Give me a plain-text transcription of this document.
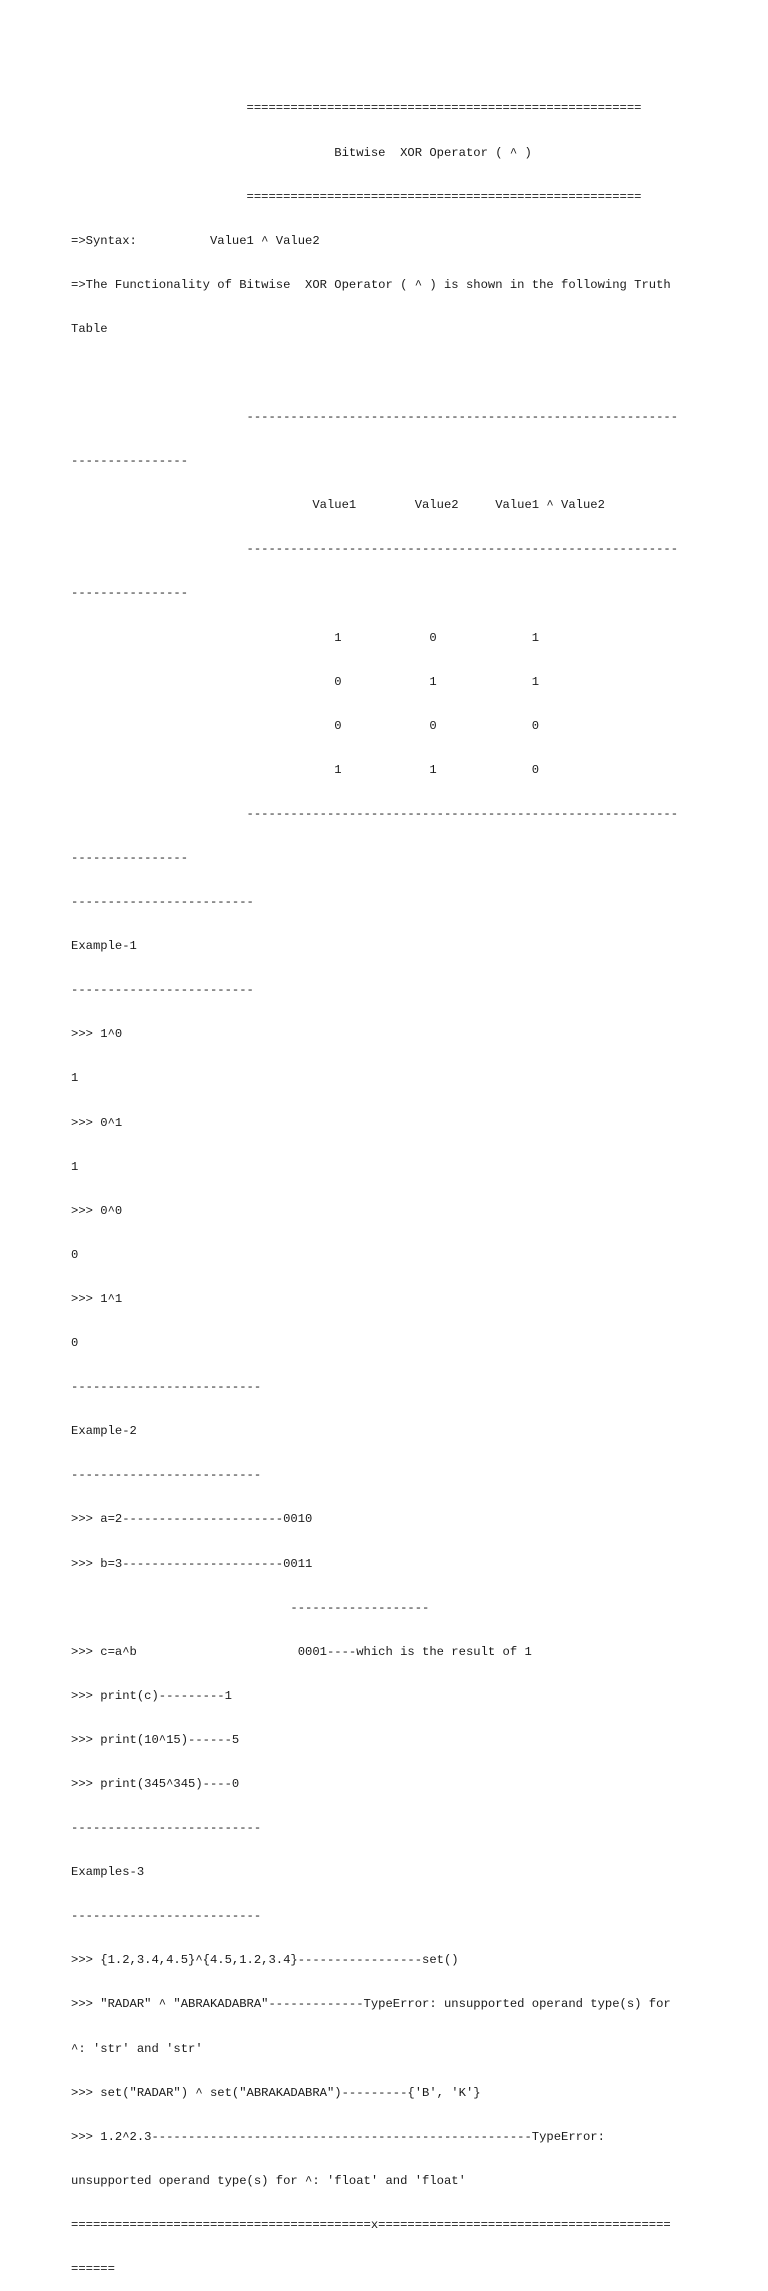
======================================================

Bitwise  XOR Operator ( ^ )

======================================================

=>Syntax:          Value1 ^ Value2

=>The Functionality of Bitwise  XOR Operator ( ^ ) is shown in the following Truth

Table

-----------------------------------------------------------

----------------

Value1        Value2     Value1 ^ Value2

-----------------------------------------------------------

----------------

1            0             1

0            1             1

0            0             0

1            1             0

-----------------------------------------------------------

----------------

-------------------------

Example-1

-------------------------

>>> 1^0

1

>>> 0^1

1

>>> 0^0

0

>>> 1^1

0

--------------------------

Example-2

--------------------------

>>> a=2----------------------0010

>>> b=3----------------------0011

-------------------

>>> c=a^b                      0001----which is the result of 1

>>> print(c)---------1

>>> print(10^15)------5

>>> print(345^345)----0

--------------------------

Examples-3

--------------------------

>>> {1.2,3.4,4.5}^{4.5,1.2,3.4}-----------------set()

>>> "RADAR" ^ "ABRAKADABRA"-------------TypeError: unsupported operand type(s) for

^: 'str' and 'str'

>>> set("RADAR") ^ set("ABRAKADABRA")---------{'B', 'K'}

>>> 1.2^2.3----------------------------------------------------TypeError:

unsupported operand type(s) for ^: 'float' and 'float'

=========================================x========================================

======
